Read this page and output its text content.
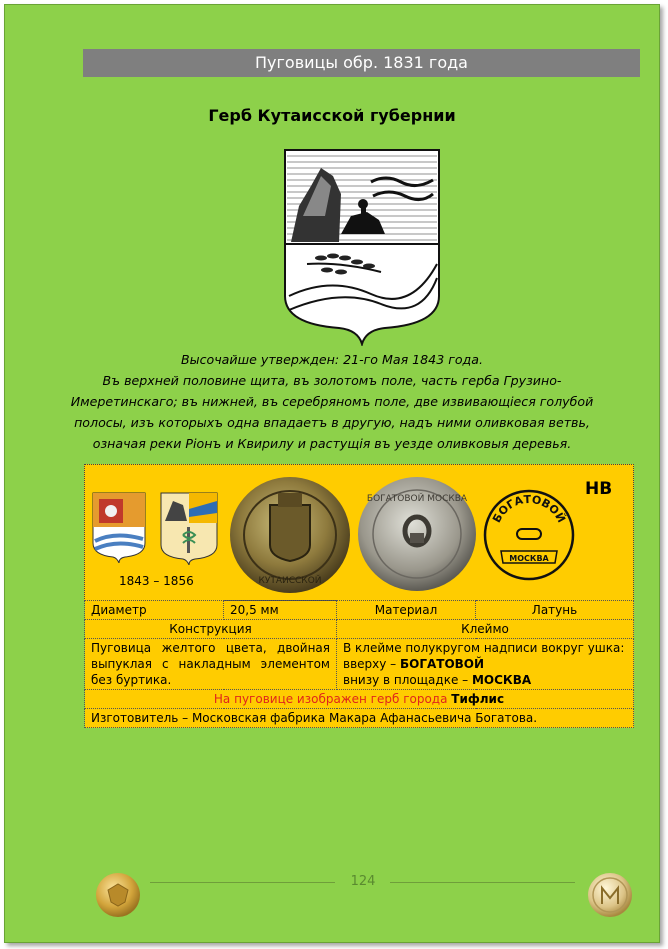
Пуговицы обр. 1831 года
Герб Кутаисской губернии
Высочайше утвержден: 21-го Мая 1843 года.
Въ верхней половине щита, въ золотомъ поле, часть герба Грузино-
Имеретинскаго; въ нижней, въ серебряномъ поле, две извивающiеся голубой
полосы, изъ которыхъ одна впадаетъ в другую, надъ ними оливковая ветвь,
означая реки Рiонъ и Квирилу и растущiя въ уезде оливковыя деревья.
1843 – 1856	КУТАИССКОЙ
БОГАТОВОЙ МОСКВА
БОГАТОВОЙ
МОСКВА
НВ
Диаметр	20,5 мм	Материал	Латунь
Конструкция		Клеймо	
Пуговица желтого цвета, двойная выпуклая с накладным элементом без буртика.		В клейме полукругом надписи вокруг ушка:
вверху – БОГАТОВОЙ
внизу в площадке – МОСКВА	

На пуговице изображен герб города Тифлис			
Изготовитель – Московская фабрика Макара Афанасьевича Богатова.			
124
